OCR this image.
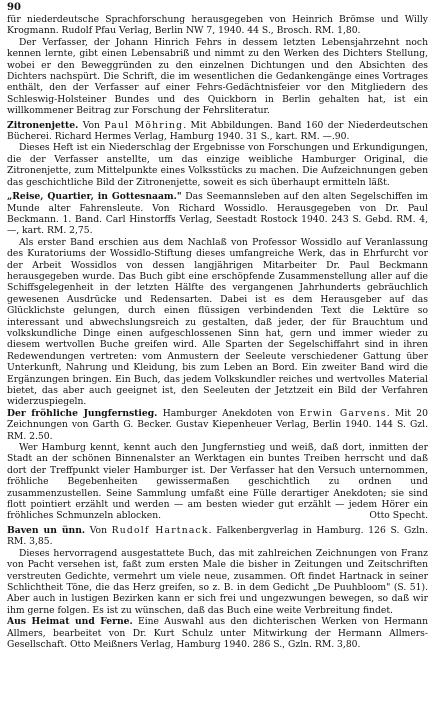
90

für niederdeutsche Sprachforschung herausgegeben von Heinrich Brömse und Willy Krogmann. Rudolf Pfau Verlag, Berlin NW 7, 1940. 44 S., Brosch. RM. 1,80.

Der Verfasser, der Johann Hinrich Fehrs in dessem letzten Lebensjahrzehnt noch kennen lernte, gibt einen Lebensabriß und nimmt zu den Werken des Dichters Stellung, wobei er den Beweggründen zu den einzelnen Dichtungen und den Absichten des Dichters nachspürt. Die Schrift, die im wesentlichen die Gedankengänge eines Vortrages enthält, den der Verfasser auf einer Fehrs-Gedächtnisfeier vor den Mitgliedern des Schleswig-Holsteiner Bundes und des Quickborn in Berlin gehalten hat, ist ein willkommener Beitrag zur Forschung der Fehrsliteratur.

Zitronenjette. Von Paul Möhring. Mit Abbildungen. Band 160 der Niederdeutschen Bücherei. Richard Hermes Verlag, Hamburg 1940. 31 S., kart. RM. —.90.

Dieses Heft ist ein Niederschlag der Ergebnisse von Forschungen und Erkundigungen, die der Verfasser anstellte, um das einzige weibliche Hamburger Original, die Zitronenjette, zum Mittelpunkte eines Volksstücks zu machen. Die Aufzeichnungen geben das geschichtliche Bild der Zitronenjette, soweit es sich überhaupt ermitteln läßt.

„Reise, Quartier, in Gottesnaam." Das Seemannsleben auf den alten Segelschiffen im Munde alter Fahrensleute. Von Richard Wossidlo. Herausgegeben von Dr. Paul Beckmann. 1. Band. Carl Hinstorffs Verlag, Seestadt Rostock 1940. 243 S. Gebd. RM. 4,—, kart. RM. 2,75.

Als erster Band erschien aus dem Nachlaß von Professor Wossidlo auf Veranlassung des Kuratoriums der Wossidlo-Stiftung dieses umfangreiche Werk, das in Ehrfurcht vor der Arbeit Wossidlos von dessen langjährigen Mitarbeiter Dr. Paul Beckmann herausgegeben wurde. Das Buch gibt eine erschöpfende Zusammenstellung aller auf die Schiffsgelegenheit in der letzten Hälfte des vergangenen Jahrhunderts gebräuchlich gewesenen Ausdrücke und Redensarten. Dabei ist es dem Herausgeber auf das Glücklichste gelungen, durch einen flüssigen verbindenden Text die Lektüre so interessant und abwechslungsreich zu gestalten, daß jeder, der für Brauchtum und volkskundliche Dinge einen aufgeschlossenen Sinn hat, gern und immer wieder zu diesem wertvollen Buche greifen wird. Alle Sparten der Segelschiffahrt sind in ihren Redewendungen vertreten: vom Anmustern der Seeleute verschiedener Gattung über Unterkunft, Nahrung und Kleidung, bis zum Leben an Bord. Ein zweiter Band wird die Ergänzungen bringen. Ein Buch, das jedem Volkskundler reiches und wertvolles Material bietet, das aber auch geeignet ist, den Seeleuten der Jetztzeit ein Bild der Verfahren widerzuspiegeln.

Der fröhliche Jungfernstieg. Hamburger Anekdoten von Erwin Garvens. Mit 20 Zeichnungen von Garth G. Becker. Gustav Kiepenheuer Verlag, Berlin 1940. 144 S. Gzl. RM. 2.50.

Wer Hamburg kennt, kennt auch den Jungfernstieg und weiß, daß dort, inmitten der Stadt an der schönen Binnenalster an Werktagen ein buntes Treiben herrscht und daß dort der Treffpunkt vieler Hamburger ist. Der Verfasser hat den Versuch unternommen, fröhliche Begebenheiten gewissermaßen geschichtlich zu ordnen und zusammenzustellen. Seine Sammlung umfaßt eine Fülle derartiger Anekdoten; sie sind flott pointiert erzählt und werden — am besten wieder gut erzählt — jedem Hörer ein fröhliches Schmunzeln ablocken.	Otto Specht.

Baven un ünn. Von Rudolf Hartnack. Falkenbergverlag in Hamburg. 126 S. Gzln. RM. 3,85.

Dieses hervorragend ausgestattete Buch, das mit zahlreichen Zeichnungen von Franz von Pacht versehen ist, faßt zum ersten Male die bisher in Zeitungen und Zeitschriften verstreuten Gedichte, vermehrt um viele neue, zusammen. Oft findet Hartnack in seiner Schlichtheit Töne, die das Herz greifen, so z. B. in dem Gedicht „De Puuhbloom" (S. 51). Aber auch in lustigen Bezirken kann er sich frei und ungezwungen bewegen, so daß wir ihm gerne folgen. Es ist zu wünschen, daß das Buch eine weite Verbreitung findet.

Aus Heimat und Ferne. Eine Auswahl aus den dichterischen Werken von Hermann Allmers, bearbeitet von Dr. Kurt Schulz unter Mitwirkung der Hermann Allmers-Gesellschaft. Otto Meißners Verlag, Hamburg 1940. 286 S., Gzln. RM. 3,80.
